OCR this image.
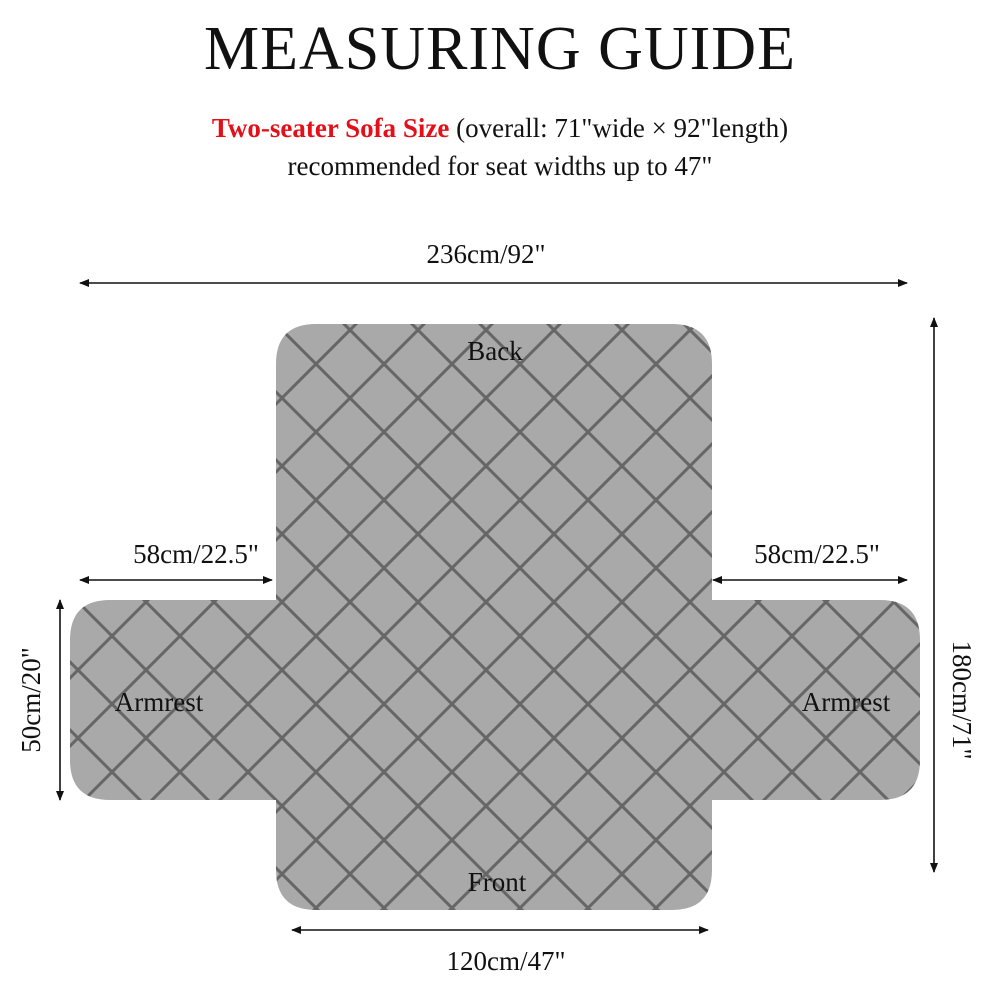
MEASURING GUIDE
Two-seater Sofa Size (overall: 71"wide × 92"length)
recommended for seat widths up to 47"
236cm/92"
58cm/22.5"	58cm/22.5"
120cm/47"
50cm/20"	180cm/71"
Back
Front
Armrest	Armrest
